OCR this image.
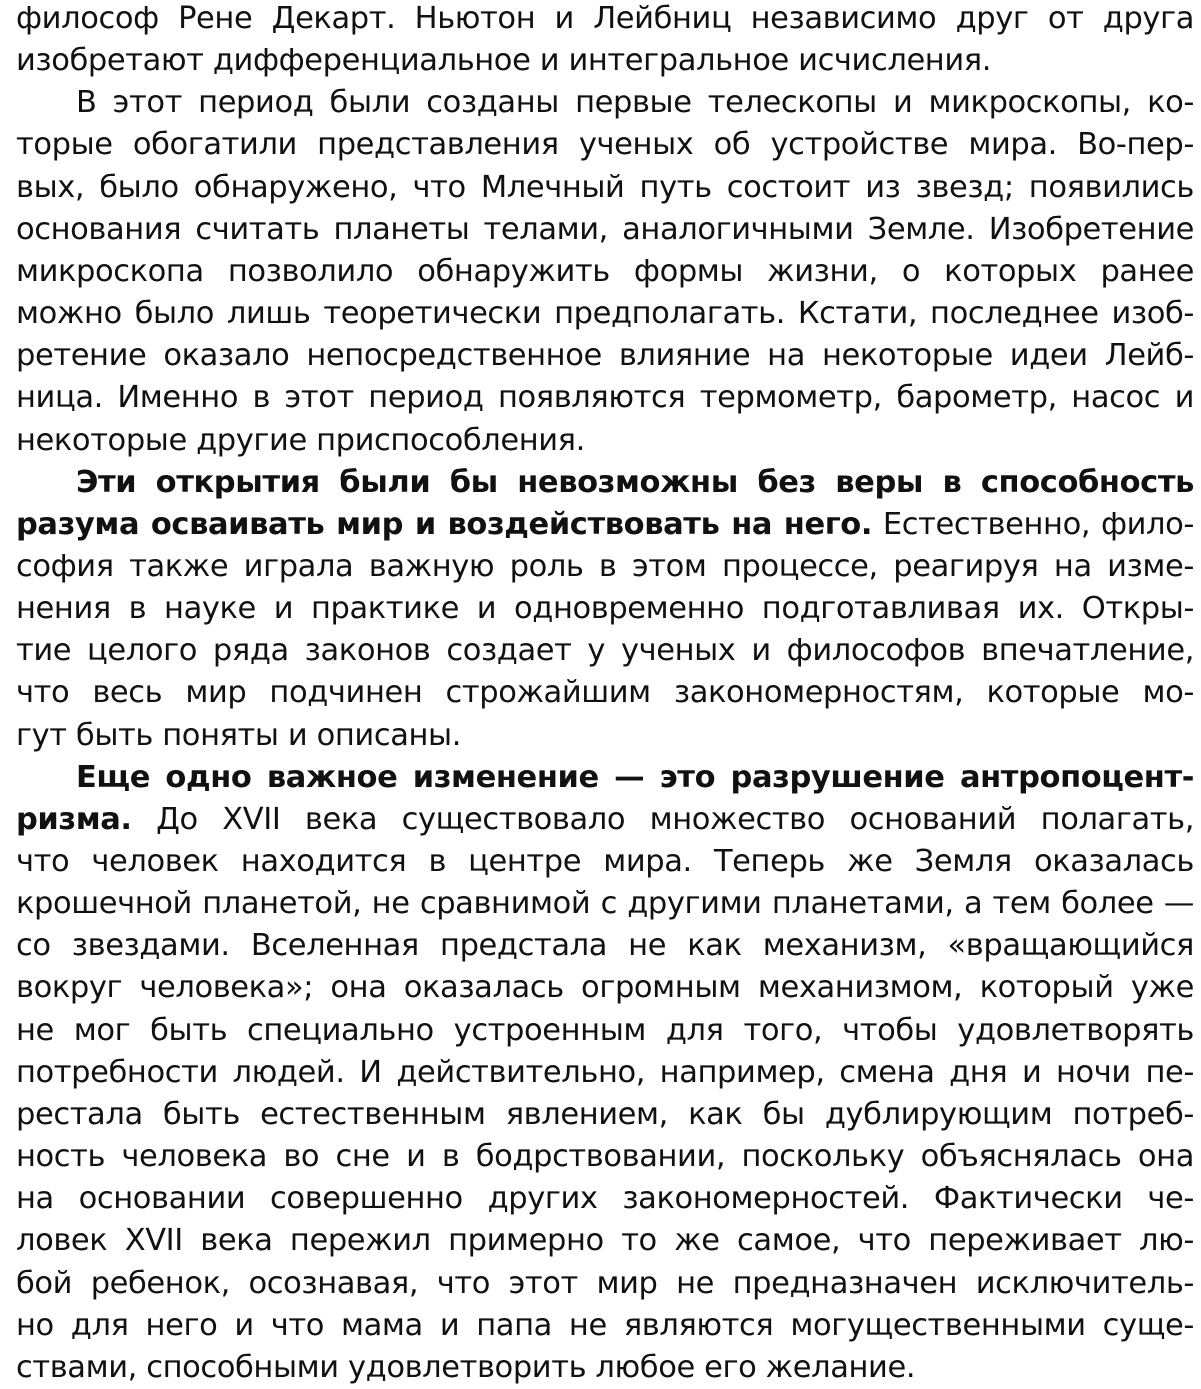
философ Рене Декарт. Ньютон и Лейбниц независимо друг от друга
изобретают дифференциальное и интегральное исчисления.
В этот период были созданы первые телескопы и микроскопы, ко-
торые обогатили представления ученых об устройстве мира. Во-пер-
вых, было обнаружено, что Млечный путь состоит из звезд; появились
основания считать планеты телами, аналогичными Земле. Изобретение
микроскопа позволило обнаружить формы жизни, о которых ранее
можно было лишь теоретически предполагать. Кстати, последнее изоб-
ретение оказало непосредственное влияние на некоторые идеи Лейб-
ница. Именно в этот период появляются термометр, барометр, насос и
некоторые другие приспособления.
Эти открытия были бы невозможны без веры в способность
разума осваивать мир и воздействовать на него. Естественно, фило-
софия также играла важную роль в этом процессе, реагируя на изме-
нения в науке и практике и одновременно подготавливая их. Откры-
тие целого ряда законов создает у ученых и философов впечатление,
что весь мир подчинен строжайшим закономерностям, которые мо-
гут быть поняты и описаны.
Еще одно важное изменение — это разрушение антропоцент-
ризма. До XVII века существовало множество оснований полагать,
что человек находится в центре мира. Теперь же Земля оказалась
крошечной планетой, не сравнимой с другими планетами, а тем более —
со звездами. Вселенная предстала не как механизм, «вращающийся
вокруг человека»; она оказалась огромным механизмом, который уже
не мог быть специально устроенным для того, чтобы удовлетворять
потребности людей. И действительно, например, смена дня и ночи пе-
рестала быть естественным явлением, как бы дублирующим потреб-
ность человека во сне и в бодрствовании, поскольку объяснялась она
на основании совершенно других закономерностей. Фактически че-
ловек XVII века пережил примерно то же самое, что переживает лю-
бой ребенок, осознавая, что этот мир не предназначен исключитель-
но для него и что мама и папа не являются могущественными суще-
ствами, способными удовлетворить любое его желание.
